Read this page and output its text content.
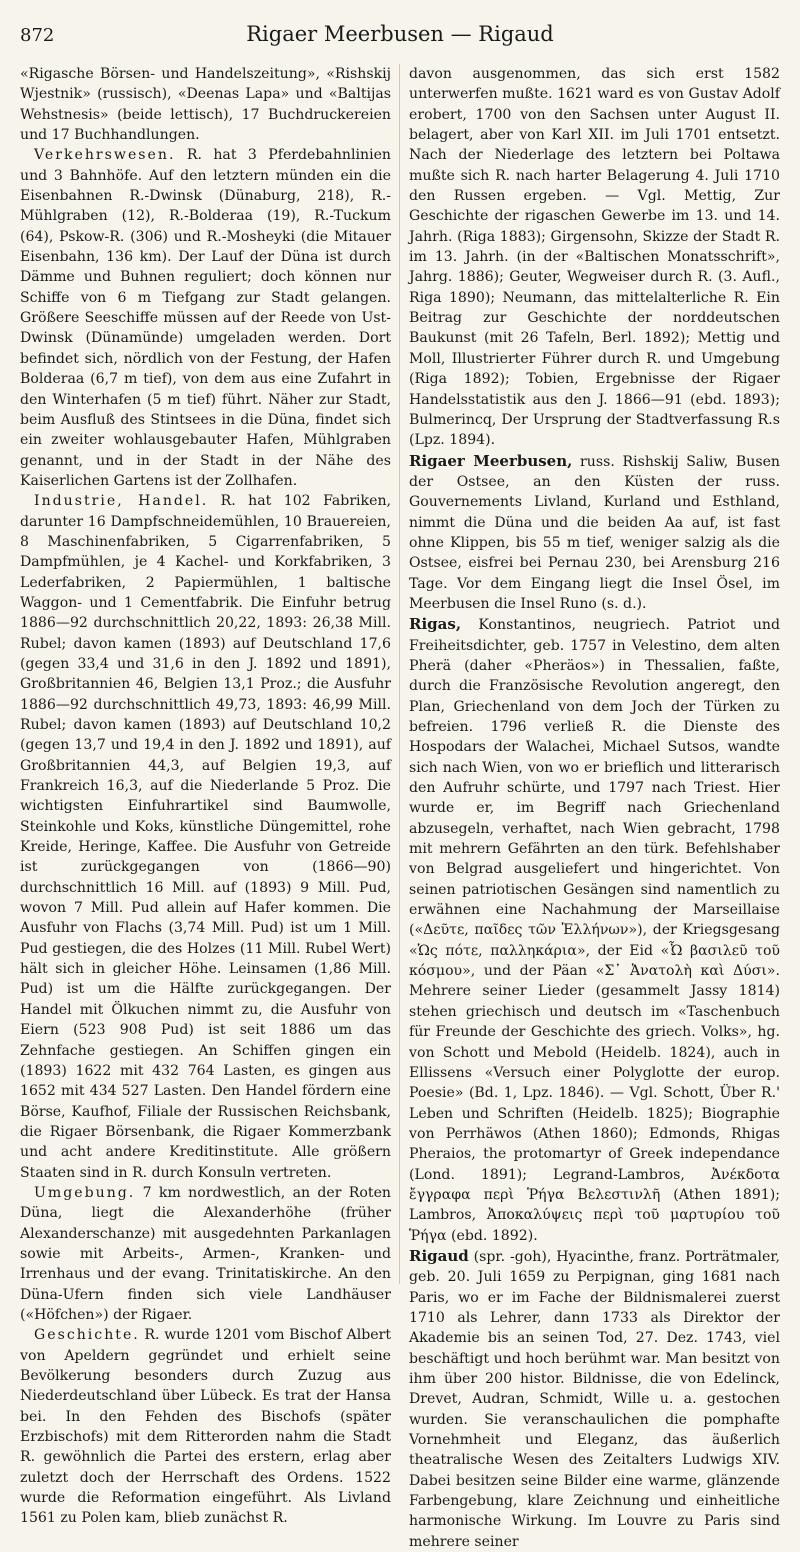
872	Rigaer Meerbusen — Rigaud

«Rigasche Börsen- und Handelszeitung», «Rishskij Wjestnik» (russisch), «Deenas Lapa» und «Baltijas Wehstnesis» (beide lettisch), 17 Buchdruckereien und 17 Buchhandlungen.

Verkehrswesen. R. hat 3 Pferdebahnlinien und 3 Bahnhöfe. Auf den letztern münden ein die Eisenbahnen R.-Dwinsk (Dünaburg, 218), R.-Mühlgraben (12), R.-Bolderaa (19), R.-Tuckum (64), Pskow-R. (306) und R.-Mosheyki (die Mitauer Eisenbahn, 136 km). Der Lauf der Düna ist durch Dämme und Buhnen reguliert; doch können nur Schiffe von 6 m Tiefgang zur Stadt gelangen. Größere Seeschiffe müssen auf der Reede von Ust-Dwinsk (Dünamünde) umgeladen werden. Dort befindet sich, nördlich von der Festung, der Hafen Bolderaa (6,7 m tief), von dem aus eine Zufahrt in den Winterhafen (5 m tief) führt. Näher zur Stadt, beim Ausfluß des Stintsees in die Düna, findet sich ein zweiter wohlausgebauter Hafen, Mühlgraben genannt, und in der Stadt in der Nähe des Kaiserlichen Gartens ist der Zollhafen.

Industrie, Handel. R. hat 102 Fabriken, darunter 16 Dampfschneidemühlen, 10 Brauereien, 8 Maschinenfabriken, 5 Cigarrenfabriken, 5 Dampfmühlen, je 4 Kachel- und Korkfabriken, 3 Lederfabriken, 2 Papiermühlen, 1 baltische Waggon- und 1 Cementfabrik. Die Einfuhr betrug 1886—92 durchschnittlich 20,22, 1893: 26,38 Mill. Rubel; davon kamen (1893) auf Deutschland 17,6 (gegen 33,4 und 31,6 in den J. 1892 und 1891), Großbritannien 46, Belgien 13,1 Proz.; die Ausfuhr 1886—92 durchschnittlich 49,73, 1893: 46,99 Mill. Rubel; davon kamen (1893) auf Deutschland 10,2 (gegen 13,7 und 19,4 in den J. 1892 und 1891), auf Großbritannien 44,3, auf Belgien 19,3, auf Frankreich 16,3, auf die Niederlande 5 Proz. Die wichtigsten Einfuhrartikel sind Baumwolle, Steinkohle und Koks, künstliche Düngemittel, rohe Kreide, Heringe, Kaffee. Die Ausfuhr von Getreide ist zurückgegangen von (1866—90) durchschnittlich 16 Mill. auf (1893) 9 Mill. Pud, wovon 7 Mill. Pud allein auf Hafer kommen. Die Ausfuhr von Flachs (3,74 Mill. Pud) ist um 1 Mill. Pud gestiegen, die des Holzes (11 Mill. Rubel Wert) hält sich in gleicher Höhe. Leinsamen (1,86 Mill. Pud) ist um die Hälfte zurückgegangen. Der Handel mit Ölkuchen nimmt zu, die Ausfuhr von Eiern (523 908 Pud) ist seit 1886 um das Zehnfache gestiegen. An Schiffen gingen ein (1893) 1622 mit 432 764 Lasten, es gingen aus 1652 mit 434 527 Lasten. Den Handel fördern eine Börse, Kaufhof, Filiale der Russischen Reichsbank, die Rigaer Börsenbank, die Rigaer Kommerzbank und acht andere Kreditinstitute. Alle größern Staaten sind in R. durch Konsuln vertreten.

Umgebung. 7 km nordwestlich, an der Roten Düna, liegt die Alexanderhöhe (früher Alexanderschanze) mit ausgedehnten Parkanlagen sowie mit Arbeits-, Armen-, Kranken- und Irrenhaus und der evang. Trinitatiskirche. An den Düna-Ufern finden sich viele Landhäuser («Höfchen») der Rigaer.

Geschichte. R. wurde 1201 vom Bischof Albert von Apeldern gegründet und erhielt seine Bevölkerung besonders durch Zuzug aus Niederdeutschland über Lübeck. Es trat der Hansa bei. In den Fehden des Bischofs (später Erzbischofs) mit dem Ritterorden nahm die Stadt R. gewöhnlich die Partei des erstern, erlag aber zuletzt doch der Herrschaft des Ordens. 1522 wurde die Reformation eingeführt. Als Livland 1561 zu Polen kam, blieb zunächst R.

davon ausgenommen, das sich erst 1582 unterwerfen mußte. 1621 ward es von Gustav Adolf erobert, 1700 von den Sachsen unter August II. belagert, aber von Karl XII. im Juli 1701 entsetzt. Nach der Niederlage des letztern bei Poltawa mußte sich R. nach harter Belagerung 4. Juli 1710 den Russen ergeben. — Vgl. Mettig, Zur Geschichte der rigaschen Gewerbe im 13. und 14. Jahrh. (Riga 1883); Girgensohn, Skizze der Stadt R. im 13. Jahrh. (in der «Baltischen Monatsschrift», Jahrg. 1886); Geuter, Wegweiser durch R. (3. Aufl., Riga 1890); Neumann, das mittelalterliche R. Ein Beitrag zur Geschichte der norddeutschen Baukunst (mit 26 Tafeln, Berl. 1892); Mettig und Moll, Illustrierter Führer durch R. und Umgebung (Riga 1892); Tobien, Ergebnisse der Rigaer Handelsstatistik aus den J. 1866—91 (ebd. 1893); Bulmerincq, Der Ursprung der Stadtverfassung R.s (Lpz. 1894).

Rigaer Meerbusen, russ. Rishskij Saliw, Busen der Ostsee, an den Küsten der russ. Gouvernements Livland, Kurland und Esthland, nimmt die Düna und die beiden Aa auf, ist fast ohne Klippen, bis 55 m tief, weniger salzig als die Ostsee, eisfrei bei Pernau 230, bei Arensburg 216 Tage. Vor dem Eingang liegt die Insel Ösel, im Meerbusen die Insel Runo (s. d.).

Rigas, Konstantinos, neugriech. Patriot und Freiheitsdichter, geb. 1757 in Velestino, dem alten Pherä (daher «Pheräos») in Thessalien, faßte, durch die Französische Revolution angeregt, den Plan, Griechenland von dem Joch der Türken zu befreien. 1796 verließ R. die Dienste des Hospodars der Walachei, Michael Sutsos, wandte sich nach Wien, von wo er brieflich und litterarisch den Aufruhr schürte, und 1797 nach Triest. Hier wurde er, im Begriff nach Griechenland abzusegeln, verhaftet, nach Wien gebracht, 1798 mit mehrern Gefährten an den türk. Befehlshaber von Belgrad ausgeliefert und hingerichtet. Von seinen patriotischen Gesängen sind namentlich zu erwähnen eine Nachahmung der Marseillaise («Δεῦτε, παῖδες τῶν Ἑλλήνων»), der Kriegsgesang «Ὡς πότε, παλληκάρια», der Eid «Ὦ βασιλεῦ τοῦ κόσμου», und der Päan «Σ᾽ Ἀνατολὴ καὶ Δύσι». Mehrere seiner Lieder (gesammelt Jassy 1814) stehen griechisch und deutsch im «Taschenbuch für Freunde der Geschichte des griech. Volks», hg. von Schott und Mebold (Heidelb. 1824), auch in Ellissens «Versuch einer Polyglotte der europ. Poesie» (Bd. 1, Lpz. 1846). — Vgl. Schott, Über R.' Leben und Schriften (Heidelb. 1825); Biographie von Perrhäwos (Athen 1860); Edmonds, Rhigas Pheraios, the protomartyr of Greek independance (Lond. 1891); Legrand-Lambros, Ἀνέκδοτα ἔγγραφα περὶ Ῥήγα Βελεστινλῆ (Athen 1891); Lambros, Ἀποκαλύψεις περὶ τοῦ μαρτυρίου τοῦ Ῥήγα (ebd. 1892).

Rigaud (spr. -goh), Hyacinthe, franz. Porträtmaler, geb. 20. Juli 1659 zu Perpignan, ging 1681 nach Paris, wo er im Fache der Bildnismalerei zuerst 1710 als Lehrer, dann 1733 als Direktor der Akademie bis an seinen Tod, 27. Dez. 1743, viel beschäftigt und hoch berühmt war. Man besitzt von ihm über 200 histor. Bildnisse, die von Edelinck, Drevet, Audran, Schmidt, Wille u. a. gestochen wurden. Sie veranschaulichen die pomphafte Vornehmheit und Eleganz, das äußerlich theatralische Wesen des Zeitalters Ludwigs XIV. Dabei besitzen seine Bilder eine warme, glänzende Farbengebung, klare Zeichnung und einheitliche harmonische Wirkung. Im Louvre zu Paris sind mehrere seiner
